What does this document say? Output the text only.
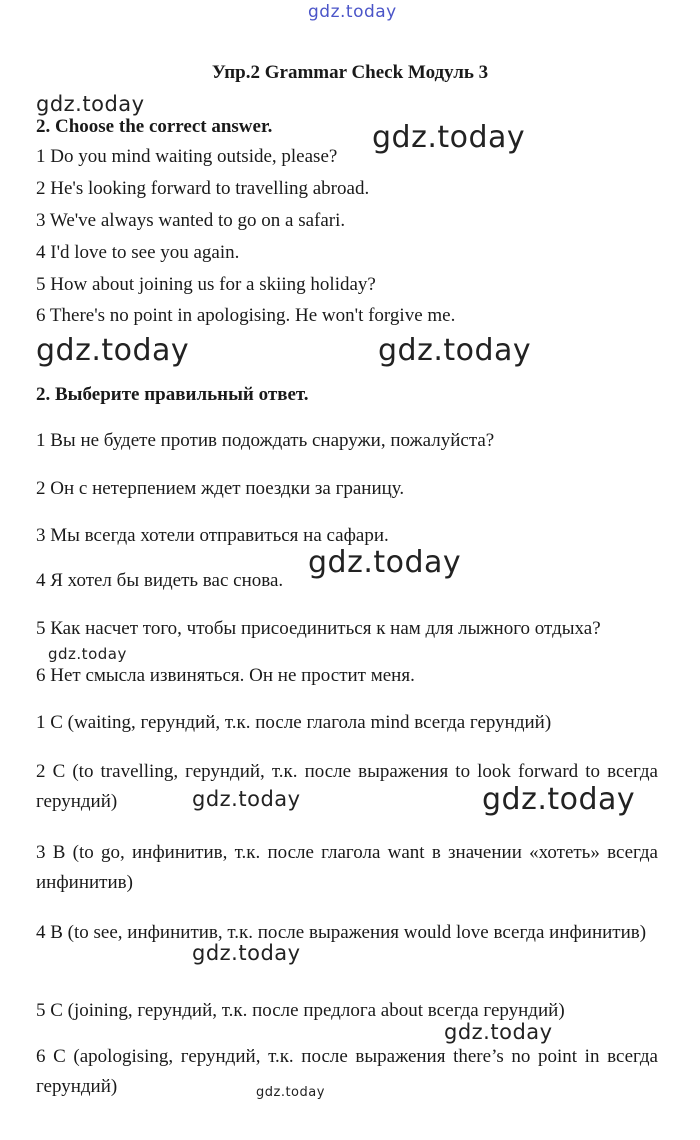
gdz.today
gdz.today
gdz.today
gdz.today	gdz.today
gdz.today
gdz.today
gdz.today	gdz.today
gdz.today
gdz.today
gdz.today
Упр.2 Grammar Check Модуль 3
2. Choose the correct answer.
1 Do you mind waiting outside, please?
2 He's looking forward to travelling abroad.
3 We've always wanted to go on a safari.
4 I'd love to see you again.
5 How about joining us for a skiing holiday?
6 There's no point in apologising. He won't forgive me.
2. Выберите правильный ответ.
1 Вы не будете против подождать снаружи, пожалуйста?
2 Он с нетерпением ждет поездки за границу.
3 Мы всегда хотели отправиться на сафари.
4 Я хотел бы видеть вас снова.
5 Как насчет того, чтобы присоединиться к нам для лыжного отдыха?
6 Нет смысла извиняться. Он не простит меня.
1 С (waiting, герундий, т.к. после глагола mind всегда герундий)
2 С (to travelling, герундий, т.к. после выражения to look forward to всегда герундий)
3 В (to go, инфинитив, т.к. после глагола want в значении «хотеть» всегда инфинитив)
4 В (to see, инфинитив, т.к. после выражения would love всегда инфинитив)
5 С (joining, герундий, т.к. после предлога about всегда герундий)
6 С (apologising, герундий, т.к. после выражения there’s no point in всегда герундий)
